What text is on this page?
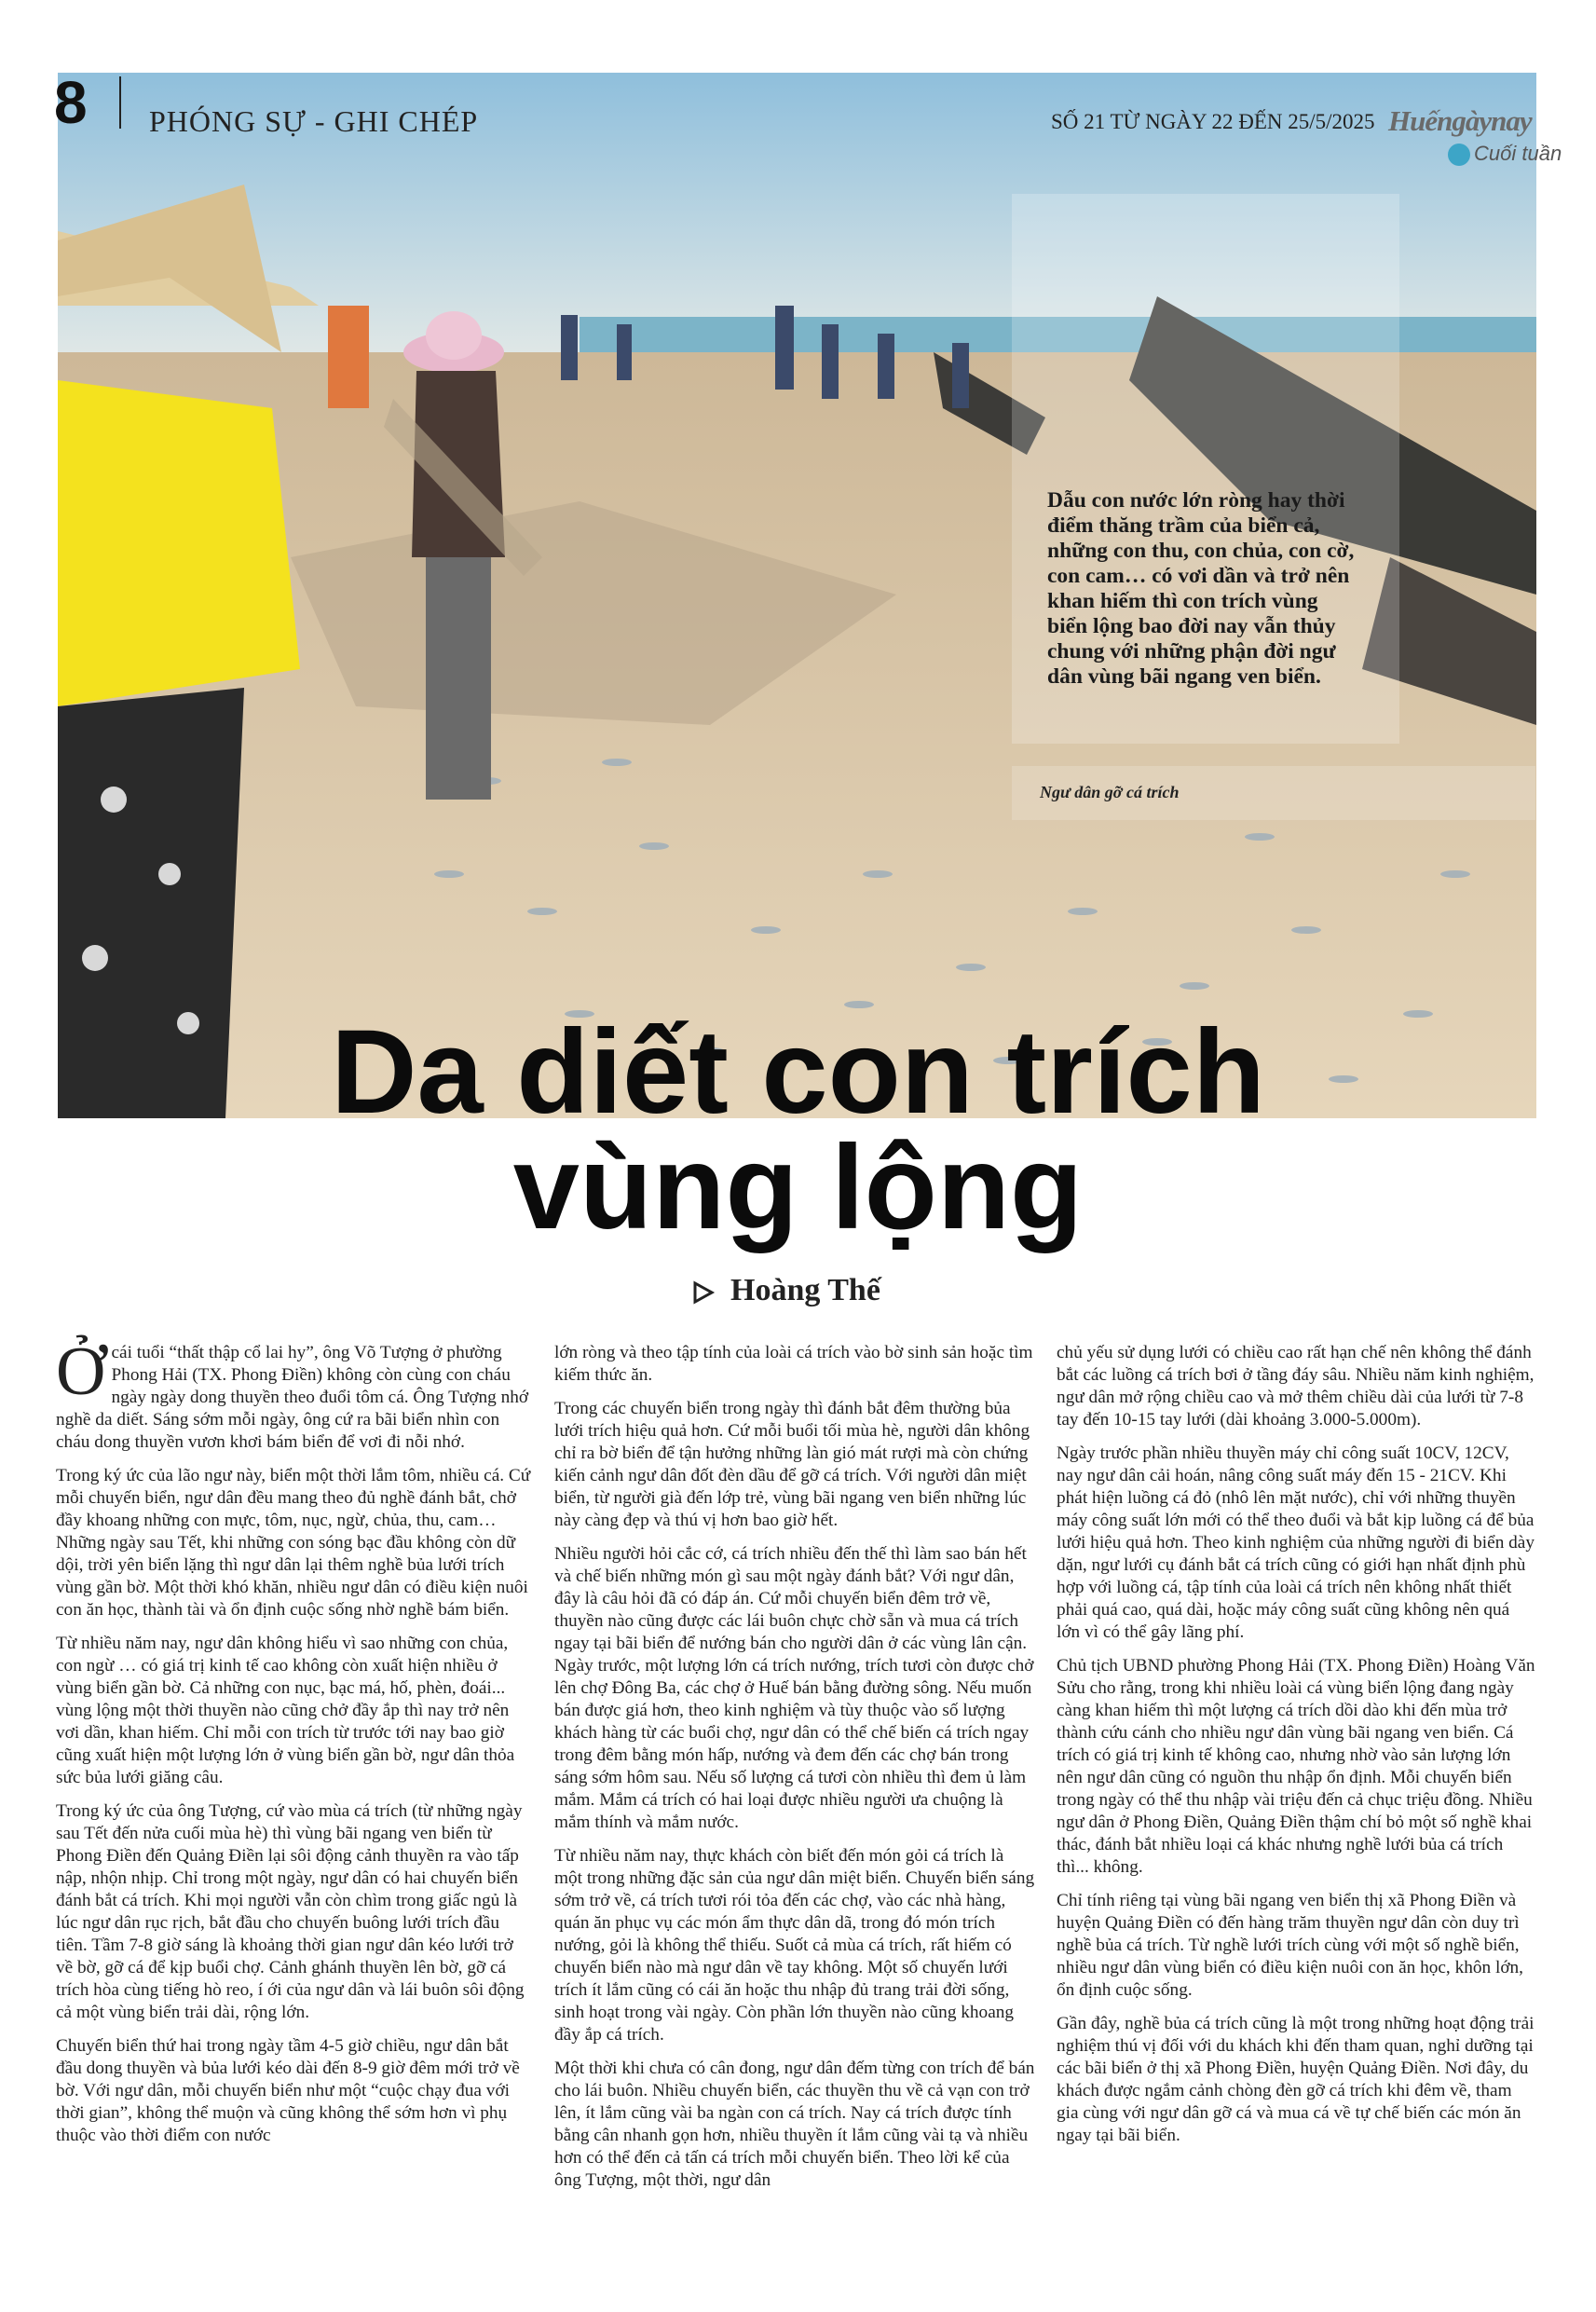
Dẫu con nước lớn ròng hay thời điểm thăng trầm của biển cả, những con thu, con chủa, con cờ, con cam… có vơi dần và trở nên khan hiếm thì con trích vùng biển lộng bao đời nay vẫn thủy chung với những phận đời ngư dân vùng bãi ngang ven biển.

Ngư dân gỡ cá trích
8 PHÓNG SỰ - GHI CHÉP	SỐ 21 TỪ NGÀY 22 ĐẾN 25/5/2025 Huếngàynay
Cuối tuần
Da diết con trích
vùng lộng
Hoàng Thế

Ở cái tuổi “thất thập cổ lai hy”, ông Võ Tượng ở phường Phong Hải (TX. Phong Điền) không còn cùng con cháu ngày ngày dong thuyền theo đuổi tôm cá. Ông Tượng nhớ nghề da diết. Sáng sớm mỗi ngày, ông cứ ra bãi biển nhìn con cháu dong thuyền vươn khơi bám biển để vơi đi nỗi nhớ.

Trong ký ức của lão ngư này, biển một thời lắm tôm, nhiều cá. Cứ mỗi chuyến biển, ngư dân đều mang theo đủ nghề đánh bắt, chở đầy khoang những con mực, tôm, nục, ngừ, chủa, thu, cam… Những ngày sau Tết, khi những con sóng bạc đầu không còn dữ dội, trời yên biển lặng thì ngư dân lại thêm nghề bủa lưới trích vùng gần bờ. Một thời khó khăn, nhiều ngư dân có điều kiện nuôi con ăn học, thành tài và ổn định cuộc sống nhờ nghề bám biển.

Từ nhiều năm nay, ngư dân không hiểu vì sao những con chủa, con ngừ … có giá trị kinh tế cao không còn xuất hiện nhiều ở vùng biển gần bờ. Cả những con nục, bạc má, hố, phèn, đoái... vùng lộng một thời thuyền nào cũng chở đầy ắp thì nay trở nên vơi dần, khan hiếm. Chỉ mỗi con trích từ trước tới nay bao giờ cũng xuất hiện một lượng lớn ở vùng biển gần bờ, ngư dân thỏa sức bủa lưới giăng câu.

Trong ký ức của ông Tượng, cứ vào mùa cá trích (từ những ngày sau Tết đến nửa cuối mùa hè) thì vùng bãi ngang ven biển từ Phong Điền đến Quảng Điền lại sôi động cảnh thuyền ra vào tấp nập, nhộn nhịp. Chỉ trong một ngày, ngư dân có hai chuyến biển đánh bắt cá trích. Khi mọi người vẫn còn chìm trong giấc ngủ là lúc ngư dân rục rịch, bắt đầu cho chuyến buông lưới trích đầu tiên. Tầm 7-8 giờ sáng là khoảng thời gian ngư dân kéo lưới trở về bờ, gỡ cá để kịp buổi chợ. Cảnh ghánh thuyền lên bờ, gỡ cá trích hòa cùng tiếng hò reo, í ới của ngư dân và lái buôn sôi động cả một vùng biển trải dài, rộng lớn.

Chuyến biển thứ hai trong ngày tầm 4-5 giờ chiều, ngư dân bắt đầu dong thuyền và bủa lưới kéo dài đến 8-9 giờ đêm mới trở về bờ. Với ngư dân, mỗi chuyến biển như một “cuộc chạy đua với thời gian”, không thể muộn và cũng không thể sớm hơn vì phụ thuộc vào thời điểm con nước

lớn ròng và theo tập tính của loài cá trích vào bờ sinh sản hoặc tìm kiếm thức ăn.

Trong các chuyến biển trong ngày thì đánh bắt đêm thường bủa lưới trích hiệu quả hơn. Cứ mỗi buổi tối mùa hè, người dân không chỉ ra bờ biển để tận hưởng những làn gió mát rượi mà còn chứng kiến cảnh ngư dân đốt đèn dầu để gỡ cá trích. Với người dân miệt biển, từ người già đến lớp trẻ, vùng bãi ngang ven biển những lúc này càng đẹp và thú vị hơn bao giờ hết.

Nhiều người hỏi cắc cớ, cá trích nhiều đến thế thì làm sao bán hết và chế biến những món gì sau một ngày đánh bắt? Với ngư dân, đây là câu hỏi đã có đáp án. Cứ mỗi chuyến biển đêm trở về, thuyền nào cũng được các lái buôn chực chờ sẵn và mua cá trích ngay tại bãi biển để nướng bán cho người dân ở các vùng lân cận. Ngày trước, một lượng lớn cá trích nướng, trích tươi còn được chở lên chợ Đông Ba, các chợ ở Huế bán bằng đường sông. Nếu muốn bán được giá hơn, theo kinh nghiệm và tùy thuộc vào số lượng khách hàng từ các buổi chợ, ngư dân có thể chế biến cá trích ngay trong đêm bằng món hấp, nướng và đem đến các chợ bán trong sáng sớm hôm sau. Nếu số lượng cá tươi còn nhiều thì đem ủ làm mắm. Mắm cá trích có hai loại được nhiều người ưa chuộng là mắm thính và mắm nước.

Từ nhiều năm nay, thực khách còn biết đến món gỏi cá trích là một trong những đặc sản của ngư dân miệt biển. Chuyến biển sáng sớm trở về, cá trích tươi rói tỏa đến các chợ, vào các nhà hàng, quán ăn phục vụ các món ẩm thực dân dã, trong đó món trích nướng, gỏi là không thể thiếu. Suốt cả mùa cá trích, rất hiếm có chuyến biển nào mà ngư dân về tay không. Một số chuyến lưới trích ít lắm cũng có cái ăn hoặc thu nhập đủ trang trải đời sống, sinh hoạt trong vài ngày. Còn phần lớn thuyền nào cũng khoang đầy ắp cá trích.

Một thời khi chưa có cân đong, ngư dân đếm từng con trích để bán cho lái buôn. Nhiều chuyến biển, các thuyền thu về cả vạn con trở lên, ít lắm cũng vài ba ngàn con cá trích. Nay cá trích được tính bằng cân nhanh gọn hơn, nhiều thuyền ít lắm cũng vài tạ và nhiều hơn có thể đến cả tấn cá trích mỗi chuyến biển. Theo lời kể của ông Tượng, một thời, ngư dân

chủ yếu sử dụng lưới có chiều cao rất hạn chế nên không thể đánh bắt các luồng cá trích bơi ở tầng đáy sâu. Nhiều năm kinh nghiệm, ngư dân mở rộng chiều cao và mở thêm chiều dài của lưới từ 7-8 tay đến 10-15 tay lưới (dài khoảng 3.000-5.000m).

Ngày trước phần nhiều thuyền máy chỉ công suất 10CV, 12CV, nay ngư dân cải hoán, nâng công suất máy đến 15 - 21CV. Khi phát hiện luồng cá đỏ (nhô lên mặt nước), chỉ với những thuyền máy công suất lớn mới có thể theo đuổi và bắt kịp luồng cá để bủa lưới hiệu quả hơn. Theo kinh nghiệm của những người đi biển dày dặn, ngư lưới cụ đánh bắt cá trích cũng có giới hạn nhất định phù hợp với luồng cá, tập tính của loài cá trích nên không nhất thiết phải quá cao, quá dài, hoặc máy công suất cũng không nên quá lớn vì có thể gây lãng phí.

Chủ tịch UBND phường Phong Hải (TX. Phong Điền) Hoàng Văn Sửu cho rằng, trong khi nhiều loài cá vùng biển lộng đang ngày càng khan hiếm thì một lượng cá trích dồi dào khi đến mùa trở thành cứu cánh cho nhiều ngư dân vùng bãi ngang ven biển. Cá trích có giá trị kinh tế không cao, nhưng nhờ vào sản lượng lớn nên ngư dân cũng có nguồn thu nhập ổn định. Mỗi chuyến biển trong ngày có thể thu nhập vài triệu đến cả chục triệu đồng. Nhiều ngư dân ở Phong Điền, Quảng Điền thậm chí bỏ một số nghề khai thác, đánh bắt nhiều loại cá khác nhưng nghề lưới bủa cá trích thì... không.

Chỉ tính riêng tại vùng bãi ngang ven biển thị xã Phong Điền và huyện Quảng Điền có đến hàng trăm thuyền ngư dân còn duy trì nghề bủa cá trích. Từ nghề lưới trích cùng với một số nghề biển, nhiều ngư dân vùng biển có điều kiện nuôi con ăn học, khôn lớn, ổn định cuộc sống.

Gần đây, nghề bủa cá trích cũng là một trong những hoạt động trải nghiệm thú vị đối với du khách khi đến tham quan, nghỉ dưỡng tại các bãi biển ở thị xã Phong Điền, huyện Quảng Điền. Nơi đây, du khách được ngắm cảnh chòng đèn gỡ cá trích khi đêm về, tham gia cùng với ngư dân gỡ cá và mua cá về tự chế biến các món ăn ngay tại bãi biển.
